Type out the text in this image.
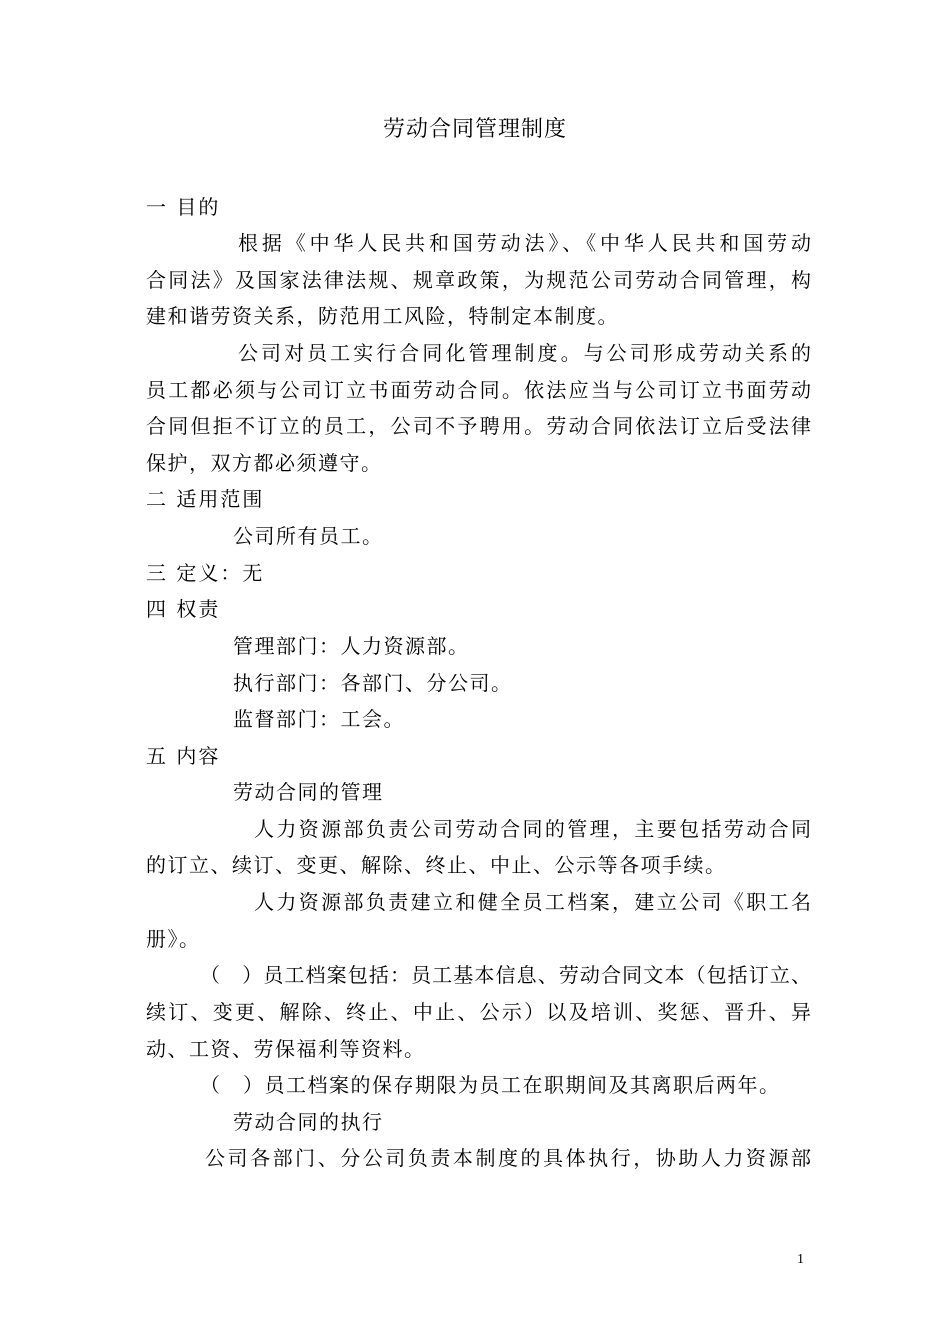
劳动合同管理制度
一 目的
根据《中华人民共和国劳动法》、《中华人民共和国劳动
合同法》及国家法律法规、规章政策，为规范公司劳动合同管理，构
建和谐劳资关系，防范用工风险，特制定本制度。
公司对员工实行合同化管理制度。与公司形成劳动关系的
员工都必须与公司订立书面劳动合同。依法应当与公司订立书面劳动
合同但拒不订立的员工，公司不予聘用。劳动合同依法订立后受法律
保护，双方都必须遵守。
二 适用范围
公司所有员工。
三 定义：无
四 权责
管理部门：人力资源部。
执行部门：各部门、分公司。
监督部门：工会。
五 内容
劳动合同的管理
人力资源部负责公司劳动合同的管理，主要包括劳动合同
的订立、续订、变更、解除、终止、中止、公示等各项手续。
人力资源部负责建立和健全员工档案，建立公司《职工名
册》。
（　）员工档案包括：员工基本信息、劳动合同文本（包括订立、
续订、变更、解除、终止、中止、公示）以及培训、奖惩、晋升、异
动、工资、劳保福利等资料。
（　）员工档案的保存期限为员工在职期间及其离职后两年。
劳动合同的执行
公司各部门、分公司负责本制度的具体执行，协助人力资源部
1
